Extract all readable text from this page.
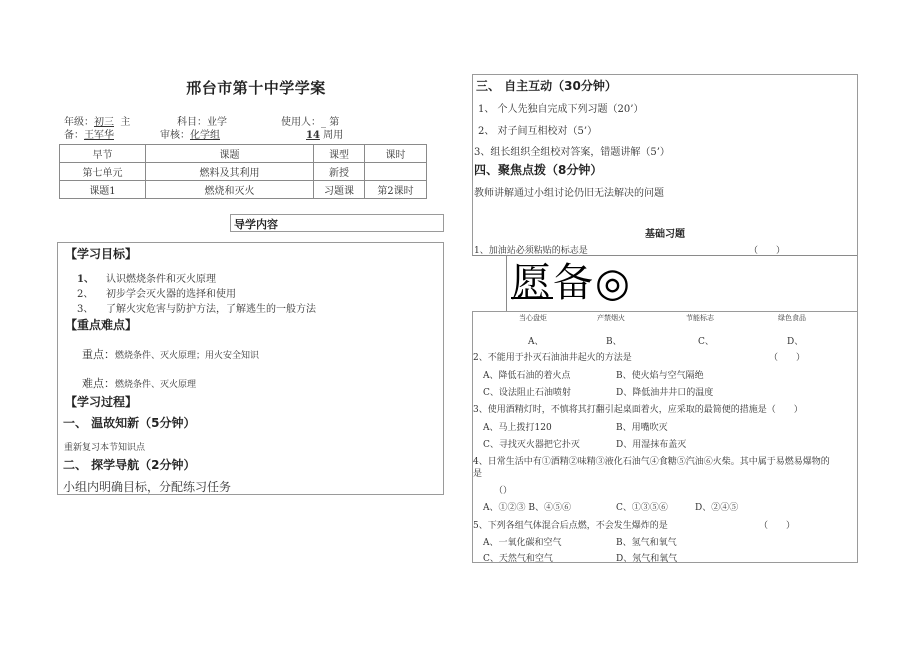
邢台市第十中学学案
年级：初三 主	科目：业学	使用人：_ 第
备：王军华	审核：化学组	14 周用
早节	课题	课型	课时
第七单元	燃料及其利用	新授	
课题1	燃烧和灭火	习题课	第2课时
导学内容
【学习目标】
1、 认识燃烧条件和灭火原理
2、 初步学会灭火器的选择和使用
3、 了解火灾危害与防护方法，了解逃生的一般方法
【重点难点】
重点：燃烧条件、灭火原理；用火安全知识
难点：燃烧条件、灭火原理
【学习过程】
一、 温故知新（5分钟）
重新复习本节知识点
二、 探学导航（2分钟）
小组内明确目标，分配练习任务
三、 自主互动（30分钟）
1、 个人先独自完成下列习题（20’）
2、 对子间互相校对（5’）
3、组长组织全组校对答案，错题讲解（5’）
四、聚焦点拨（8分钟）
教师讲解通过小组讨论仍旧无法解决的问题
基础习题
1、加油站必须粘贴的标志是	（　　）
愿备◎
当心盘炬	产禁烟火	节能标志	绿色食品
A、	B、	C、	D、
2、不能用于扑灭石油油井起火的方法是	（　　）
A、降低石油的着火点	B、使火焰与空气隔绝
C、设法阻止石油喷射	D、降低油井井口的温度
3、使用酒精灯时，不慎将其打翻引起桌面着火，应采取的最简便的措施是（　　）
A、马上拨打120	B、用嘴吹灭
C、寻找灭火器把它扑灭	D、用湿抹布盖灭
4、日常生活中有①酒精②味精③液化石油气④食糖⑤汽油⑥火柴。其中属于易燃易爆物的
是
（）
A、①②③ B、④⑤⑥	C、①③⑤⑥	D、②④⑤
5、下列各组气体混合后点燃，不会发生爆炸的是	（　　）
A、一氧化碳和空气	B、氢气和氧气
C、天然气和空气	D、氖气和氧气
